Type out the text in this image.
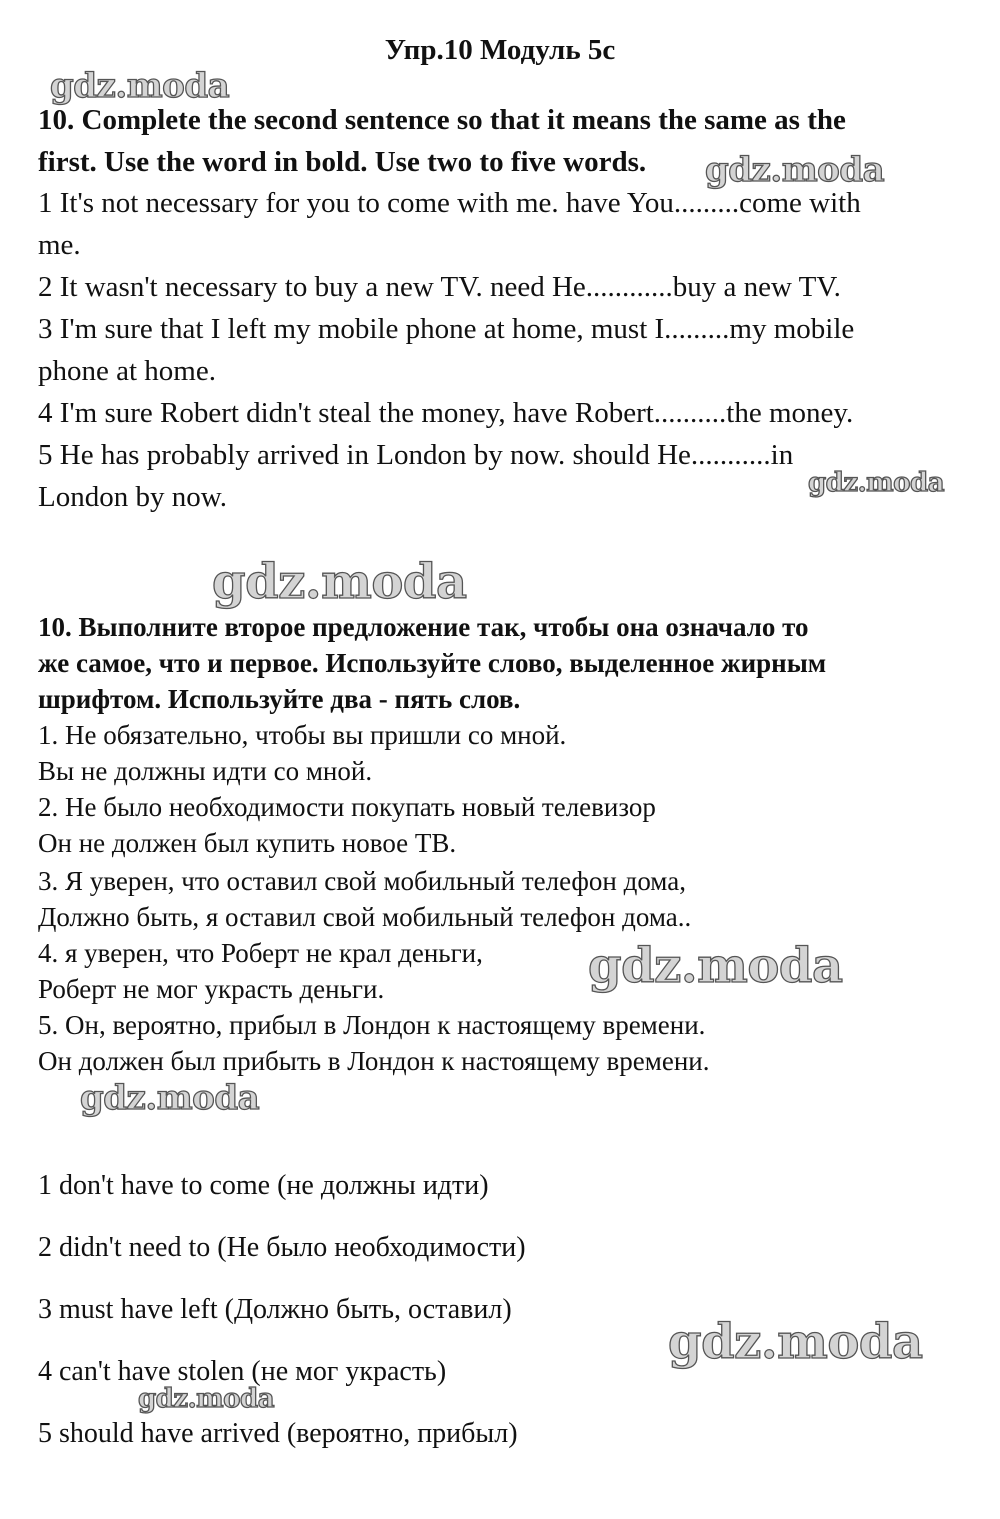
Упр.10 Модуль 5с
gdz.moda
gdz.moda
gdz.moda
gdz.moda
gdz.moda
gdz.moda
gdz.moda
gdz.moda
10. Complete the second sentence so that it means the same as the
first. Use the word in bold. Use two to five words.
1 It's not necessary for you to come with me. have You.........come with
me.
2 It wasn't necessary to buy a new TV. need He............buy a new TV.
3 I'm sure that I left my mobile phone at home, must I.........my mobile
phone at home.
4 I'm sure Robert didn't steal the money, have Robert..........the money.
5 He has probably arrived in London by now. should He...........in
London by now.
10. Выполните второе предложение так, чтобы она означало то
же самое, что и первое. Используйте слово, выделенное жирным
шрифтом. Используйте два - пять слов.
1. Не обязательно, чтобы вы пришли со мной.
Вы не должны идти со мной.
2. Не было необходимости покупать новый телевизор
Он не должен был купить новое ТВ.
3. Я уверен, что оставил свой мобильный телефон дома,
Должно быть, я оставил свой мобильный телефон дома..
4. я уверен, что Роберт не крал деньги,
Роберт не мог украсть деньги.
5. Он, вероятно, прибыл в Лондон к настоящему времени.
Он должен был прибыть в Лондон к настоящему времени.
1 don't have to come (не должны идти)
2 didn't need to (Не было необходимости)
3 must have left (Должно быть, оставил)
4 can't have stolen (не мог украсть)
5 should have arrived (вероятно, прибыл)
